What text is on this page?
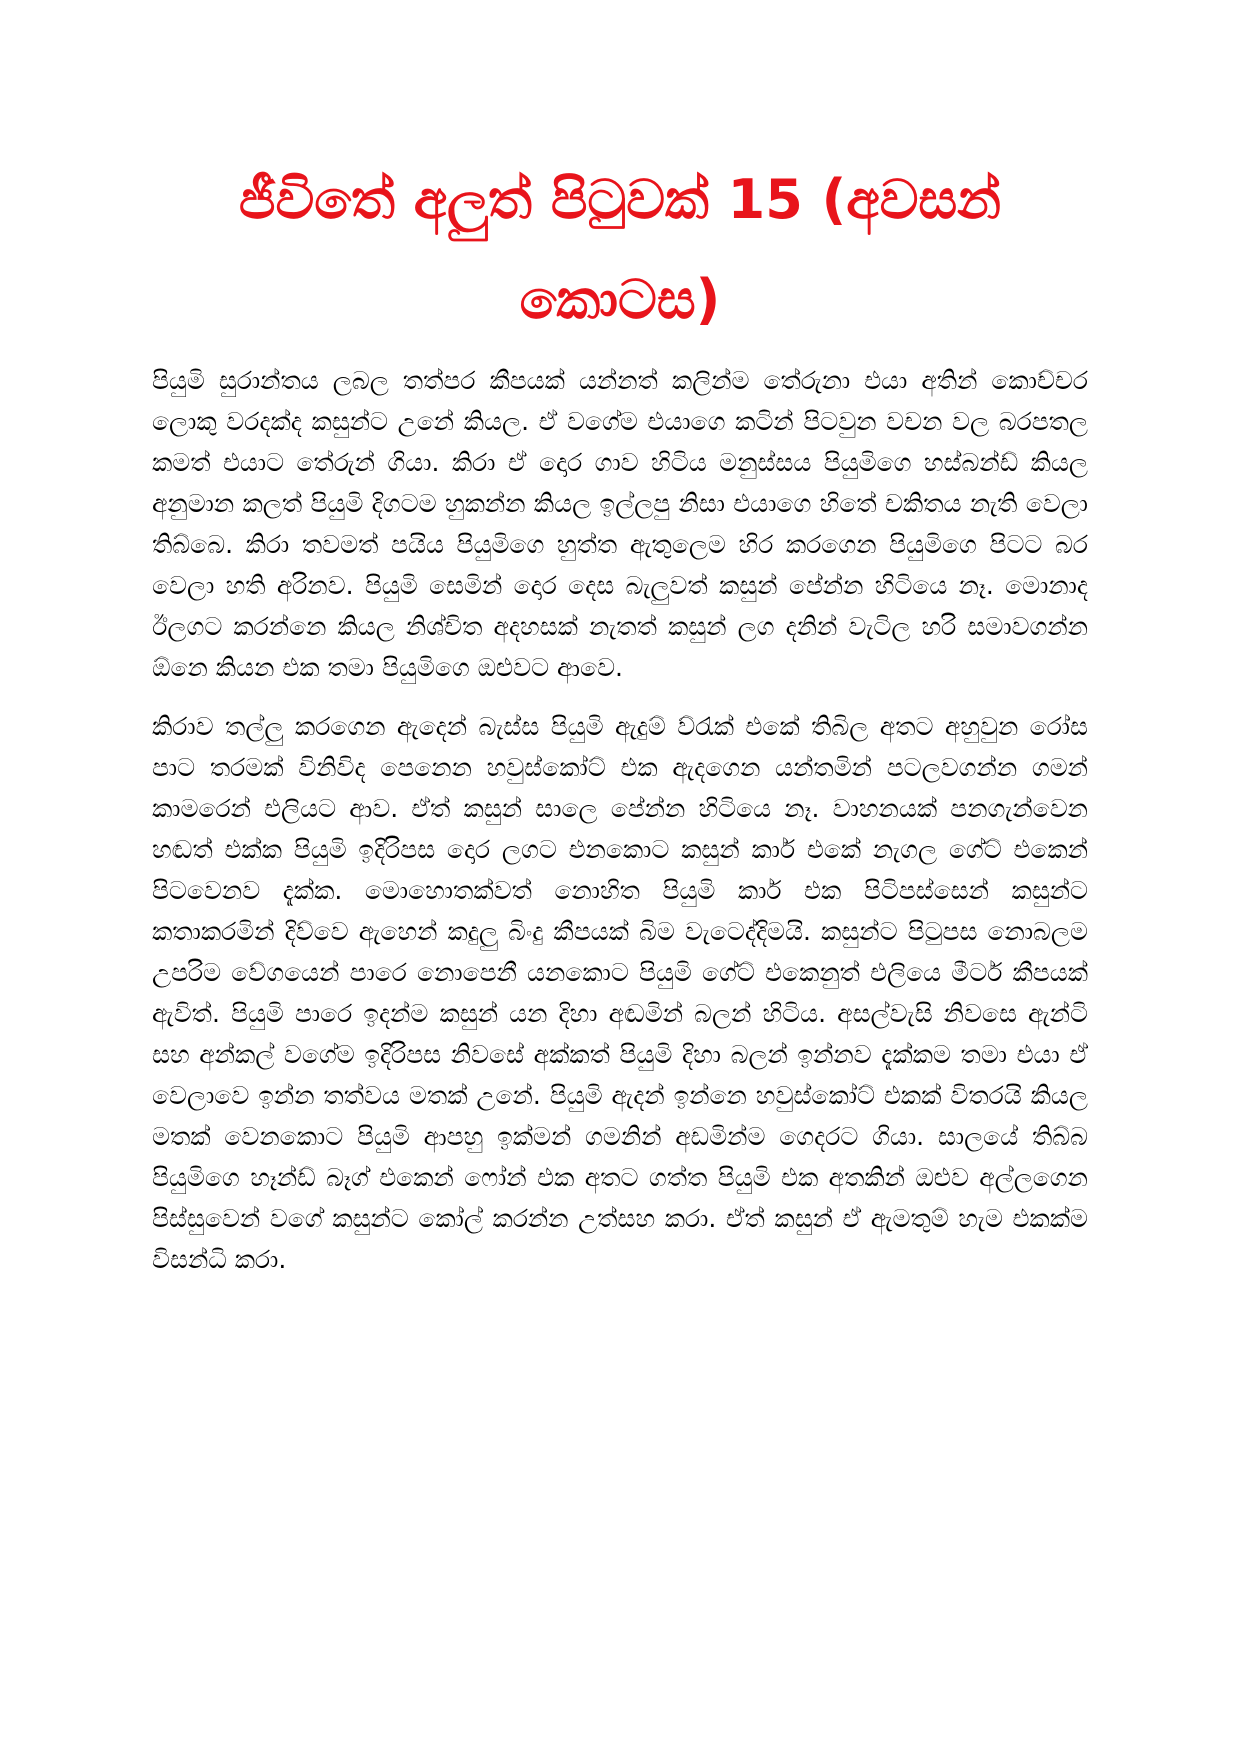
ජීවිතේ අලුත් පිටුවක් 15 (අවසන් කොටස)

පියුමි සුරාන්තය ලබල තත්පර කීපයක් යන්නත් කලින්ම තේරුනා එයා අතින් කොච්චර ලොකු වරදක්ද කසුන්ට උනේ කියල. ඒ වගේම එයාගෙ කටින් පිටවුන වචන වල බරපතල කමත් එයාට තේරුන් ගියා. කිරා ඒ දොර ගාව හිටිය මනුස්සය පියුමිගෙ හස්බන්ඩ් කියල අනුමාන කලත් පියුමි දිගටම හුකන්න කියල ඉල්ලපු නිසා එයාගෙ හිතේ චකිතය නැති වෙලා තිබ්බෙ. කිරා තවමත් පයිය පියුමිගෙ හුත්ත ඇතුලෙම හිර කරගෙන පියුමිගෙ පිටට බර වෙලා හති අරිනව. පියුමි සෙමින් දොර දෙස බැලුවත් කසුන් පේන්න හිටියෙ නෑ. මොනාද ඊලගට කරන්නෙ කියල නිශ්චිත අදහසක් නැතත් කසුන් ලග දනින් වැටිල හරි සමාවගන්න ඕනෙ කියන එක තමා පියුමිගෙ ඔළුවට ආවෙ.

කිරාව තල්ලු කරගෙන ඇදෙන් බැස්ස පියුමි ඇදුම් ව්රැක් එකේ තිබිල අතට අහුවුන රෝස පාට තරමක් විනිවිද පෙනෙන හවුස්කෝට් එක ඇදගෙන යන්තමින් පටලවගන්න ගමන් කාමරෙන් එලියට ආව. ඒත් කසුන් සාලෙ පේන්න හිටියෙ නෑ. වාහනයක් පනගැන්වෙන හඬත් එක්ක පියුමි ඉදිරිපස දොර ලගට එනකොට කසුන් කාර් එකේ නැගල ගේට් එකෙන් පිටවෙනව දැක්ක. මොහොතක්වත් නොහිත පියුමි කාර් එක පිටිපස්සෙන් කසුන්ට කතාකරමින් දිව්වෙ ඇහෙන් කදුලු බිංදු කීපයක් බිම වැටෙද්දිමයි. කසුන්ට පිටුපස නොබලම උපරිම වේගයෙන් පාරෙ නොපෙනී යනකොට පියුමි ගේට් එකෙනුත් එලියෙ මීටර් කීපයක් ඇවිත්. පියුමි පාරෙ ඉදන්ම කසුන් යන දිහා අඬමින් බලන් හිටිය. අසල්වැසි නිවසෙ ඇන්ටි සහ අන්කල් වගේම ඉදිරිපස නිවසේ අක්කත් පියුමි දිහා බලන් ඉන්නව දැක්කම තමා එයා ඒ වෙලාවෙ ඉන්න තත්වය මතක් උනේ. පියුමි ඇදන් ඉන්නෙ හවුස්කෝට් එකක් විතරයි කියල මතක් වෙනකොට පියුමි ආපහු ඉක්මන් ගමනින් අඩමින්ම ගෙදරට ගියා. සාලයේ තිබ්බ පියුමිගෙ හෑන්ඩ් බෑග් එකෙන් ෆෝන් එක අතට ගත්ත පියුමි එක අතකින් ඔළුව අල්ලගෙන පිස්සුවෙන් වගේ කසුන්ට කෝල් කරන්න උත්සහ කරා. ඒත් කසුන් ඒ ඇමතුම් හැම එකක්ම විසන්ධි කරා.
